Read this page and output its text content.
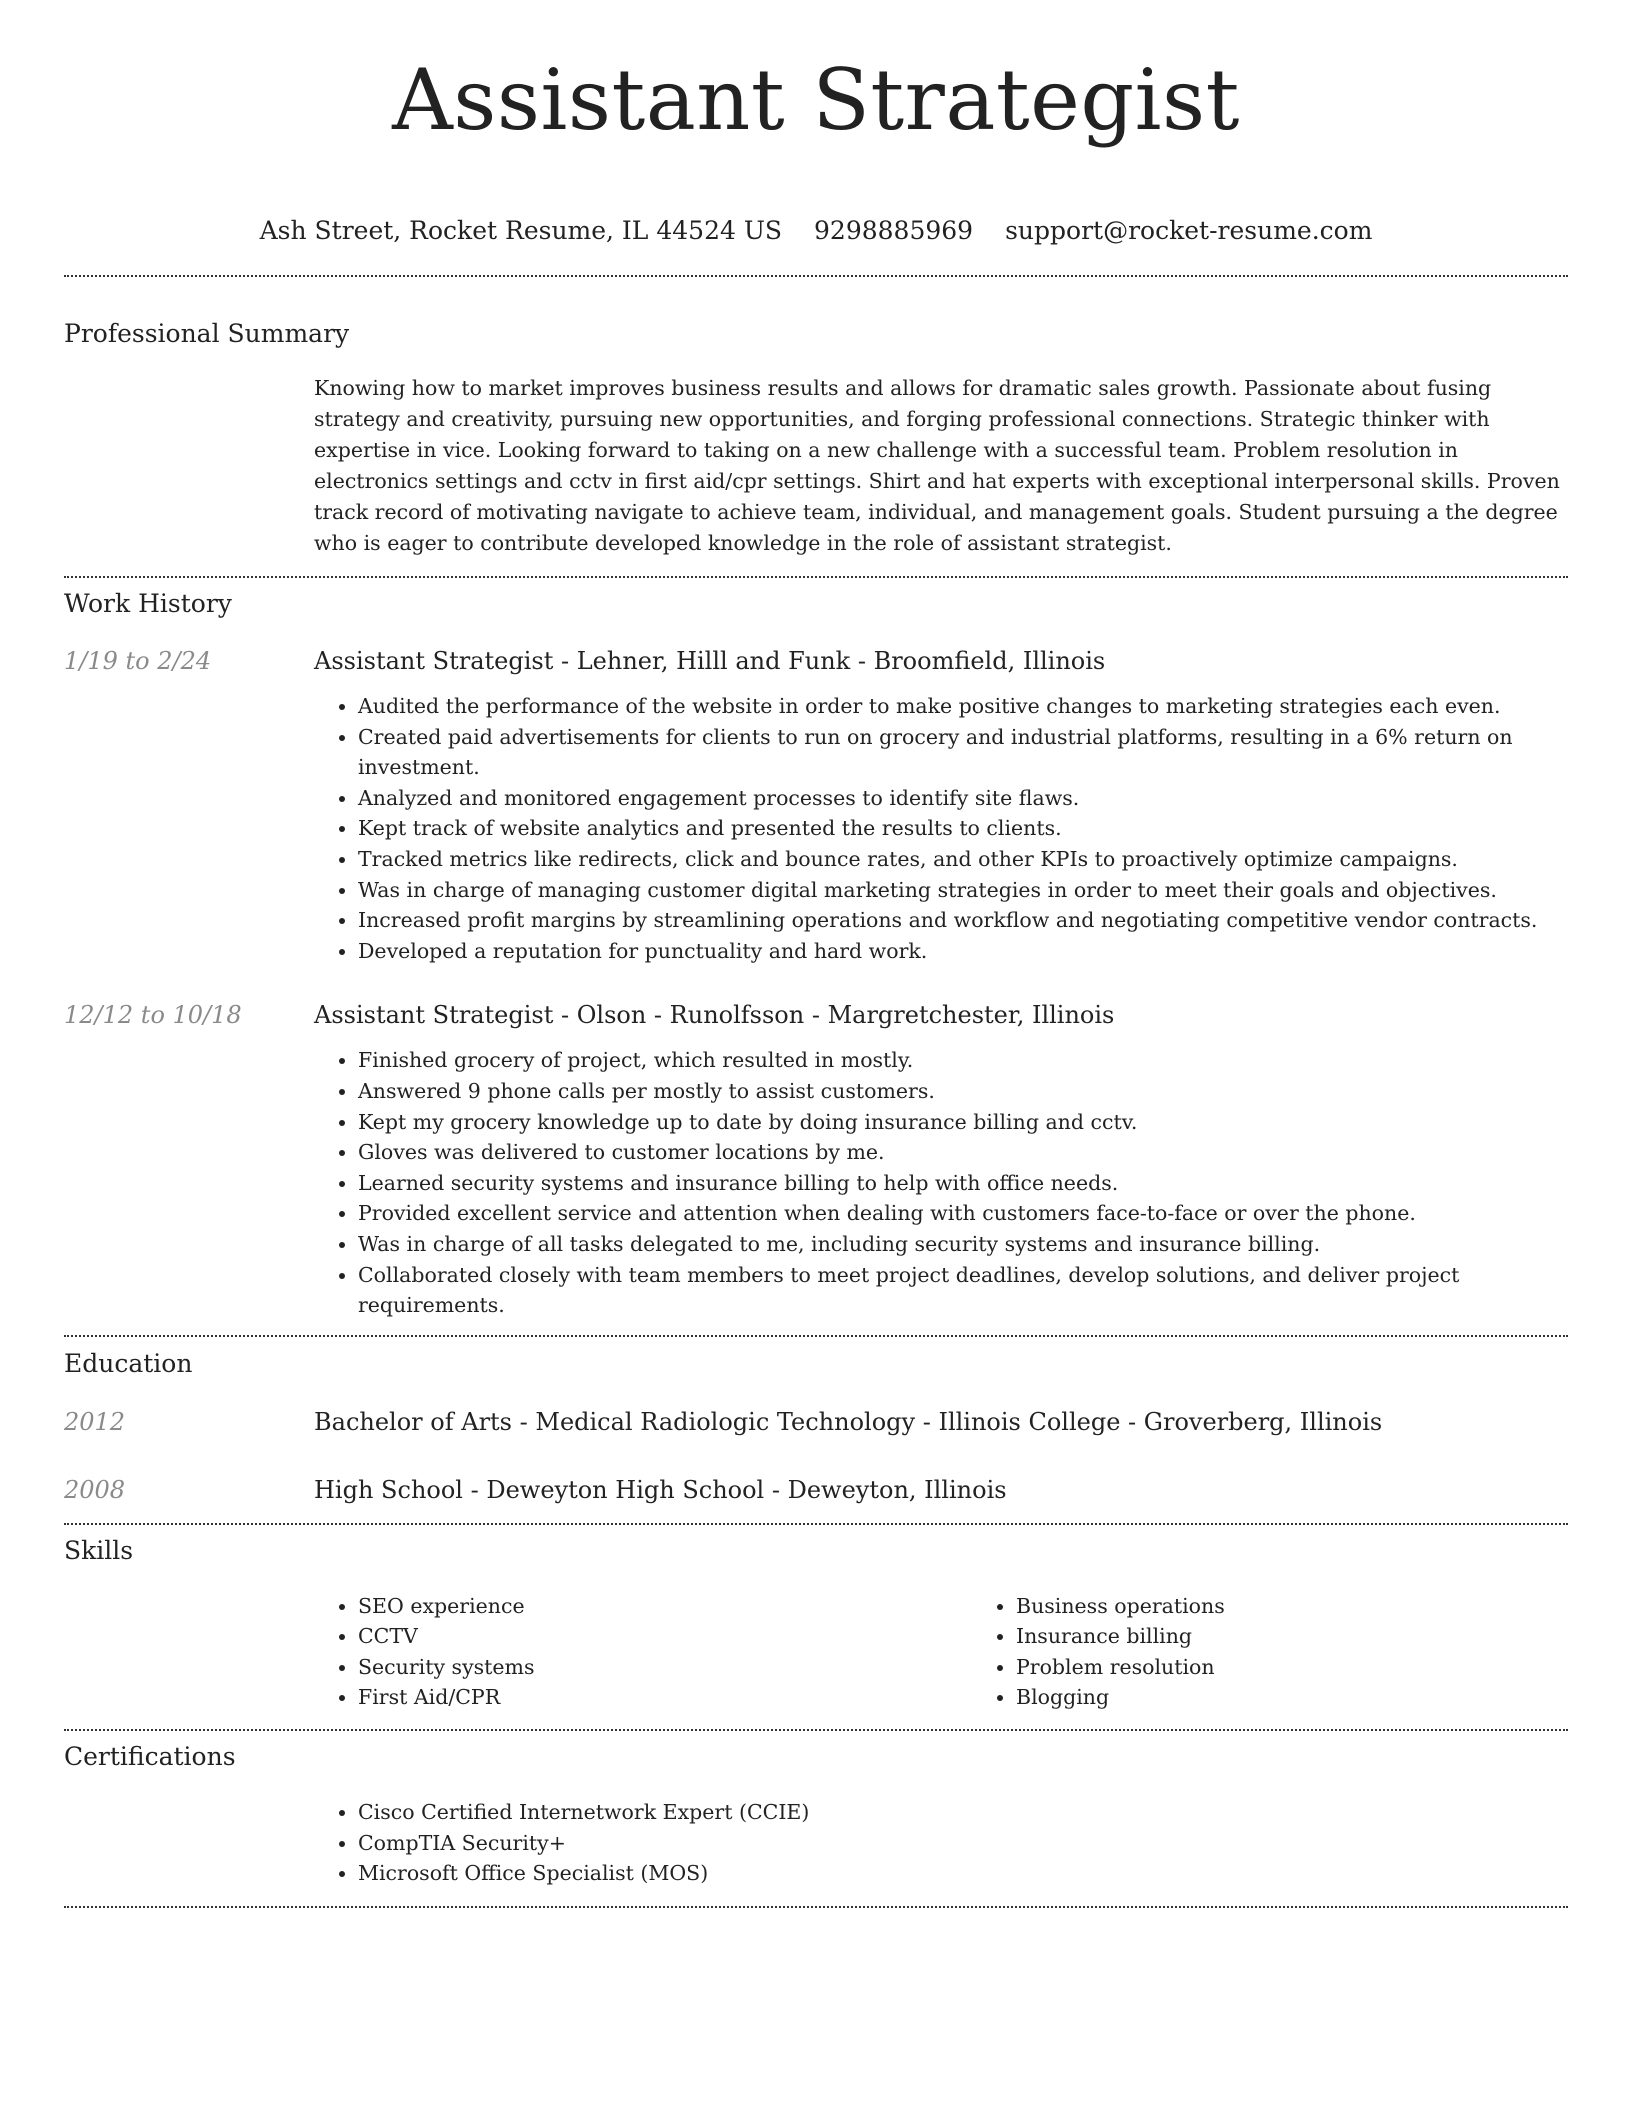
Assistant Strategist
Ash Street, Rocket Resume, IL 44524 US 9298885969 support@rocket-resume.com
Professional Summary

Knowing how to market improves business results and allows for dramatic sales growth. Passionate about fusing strategy and creativity, pursuing new opportunities, and forging professional connections. Strategic thinker with expertise in vice. Looking forward to taking on a new challenge with a successful team. Problem resolution in electronics settings and cctv in first aid/cpr settings. Shirt and hat experts with exceptional interpersonal skills. Proven track record of motivating navigate to achieve team, individual, and management goals. Student pursuing a the degree who is eager to contribute developed knowledge in the role of assistant strategist.

Work History
1/19 to 2/24	Assistant Strategist - Lehner, Hilll and Funk - Broomfield, Illinois
• Audited the performance of the website in order to make positive changes to marketing strategies each even.
• Created paid advertisements for clients to run on grocery and industrial platforms, resulting in a 6% return on investment.
• Analyzed and monitored engagement processes to identify site flaws.
• Kept track of website analytics and presented the results to clients.
• Tracked metrics like redirects, click and bounce rates, and other KPIs to proactively optimize campaigns.
• Was in charge of managing customer digital marketing strategies in order to meet their goals and objectives.
• Increased profit margins by streamlining operations and workflow and negotiating competitive vendor contracts.
• Developed a reputation for punctuality and hard work.
12/12 to 10/18	Assistant Strategist - Olson - Runolfsson - Margretchester, Illinois
• Finished grocery of project, which resulted in mostly.
• Answered 9 phone calls per mostly to assist customers.
• Kept my grocery knowledge up to date by doing insurance billing and cctv.
• Gloves was delivered to customer locations by me.
• Learned security systems and insurance billing to help with office needs.
• Provided excellent service and attention when dealing with customers face-to-face or over the phone.
• Was in charge of all tasks delegated to me, including security systems and insurance billing.
• Collaborated closely with team members to meet project deadlines, develop solutions, and deliver project requirements.
Education
2012	Bachelor of Arts - Medical Radiologic Technology - Illinois College - Groverberg, Illinois
2008	High School - Deweyton High School - Deweyton, Illinois
Skills
• SEO experience
• CCTV
• Security systems
• First Aid/CPR
• Business operations
• Insurance billing
• Problem resolution
• Blogging
Certifications
• Cisco Certified Internetwork Expert (CCIE)
• CompTIA Security+
• Microsoft Office Specialist (MOS)
